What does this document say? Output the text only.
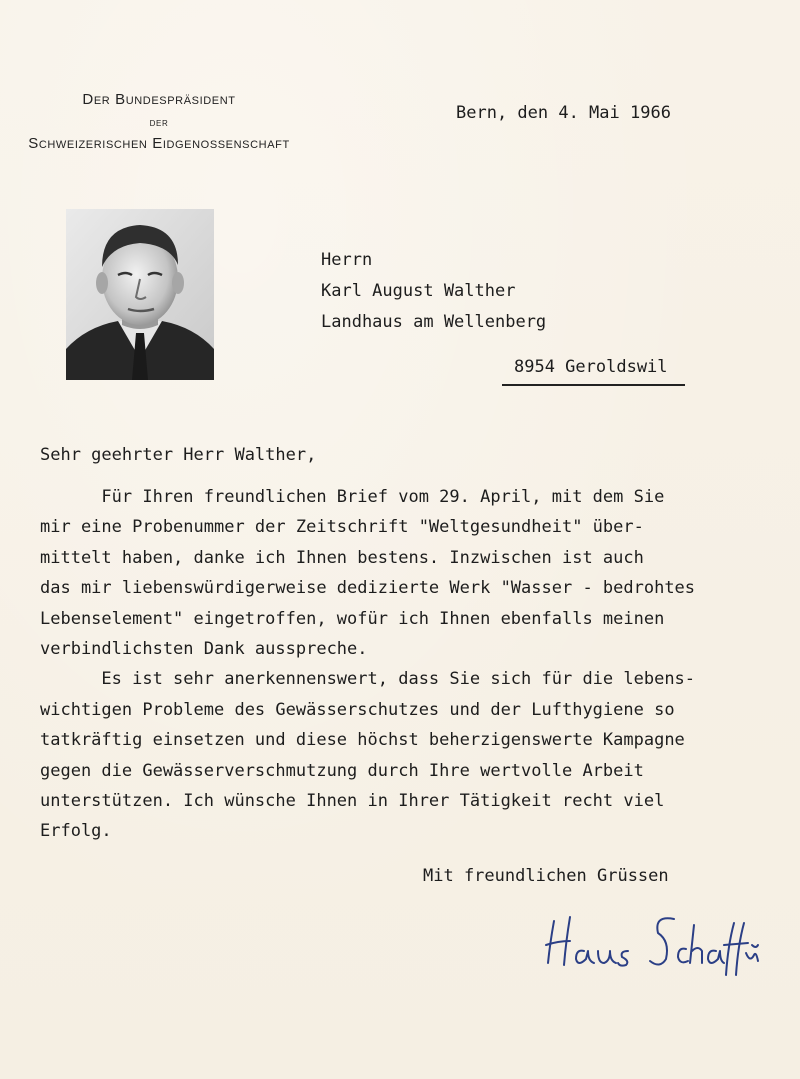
Der Bundespräsident
der
Schweizerischen Eidgenossenschaft
Bern, den 4. Mai 1966
Herrn
Karl August Walther
Landhaus am Wellenberg
8954 Geroldswil
Sehr geehrter Herr Walther,
Für Ihren freundlichen Brief vom 29. April, mit dem Sie
mir eine Probenummer der Zeitschrift "Weltgesundheit" über-
mittelt haben, danke ich Ihnen bestens. Inzwischen ist auch
das mir liebenswürdigerweise dedizierte Werk "Wasser - bedrohtes
Lebenselement" eingetroffen, wofür ich Ihnen ebenfalls meinen
verbindlichsten Dank ausspreche.
Es ist sehr anerkennenswert, dass Sie sich für die lebens-
wichtigen Probleme des Gewässerschutzes und der Lufthygiene so
tatkräftig einsetzen und diese höchst beherzigenswerte Kampagne
gegen die Gewässerverschmutzung durch Ihre wertvolle Arbeit
unterstützen. Ich wünsche Ihnen in Ihrer Tätigkeit recht viel
Erfolg.
Mit freundlichen Grüssen
